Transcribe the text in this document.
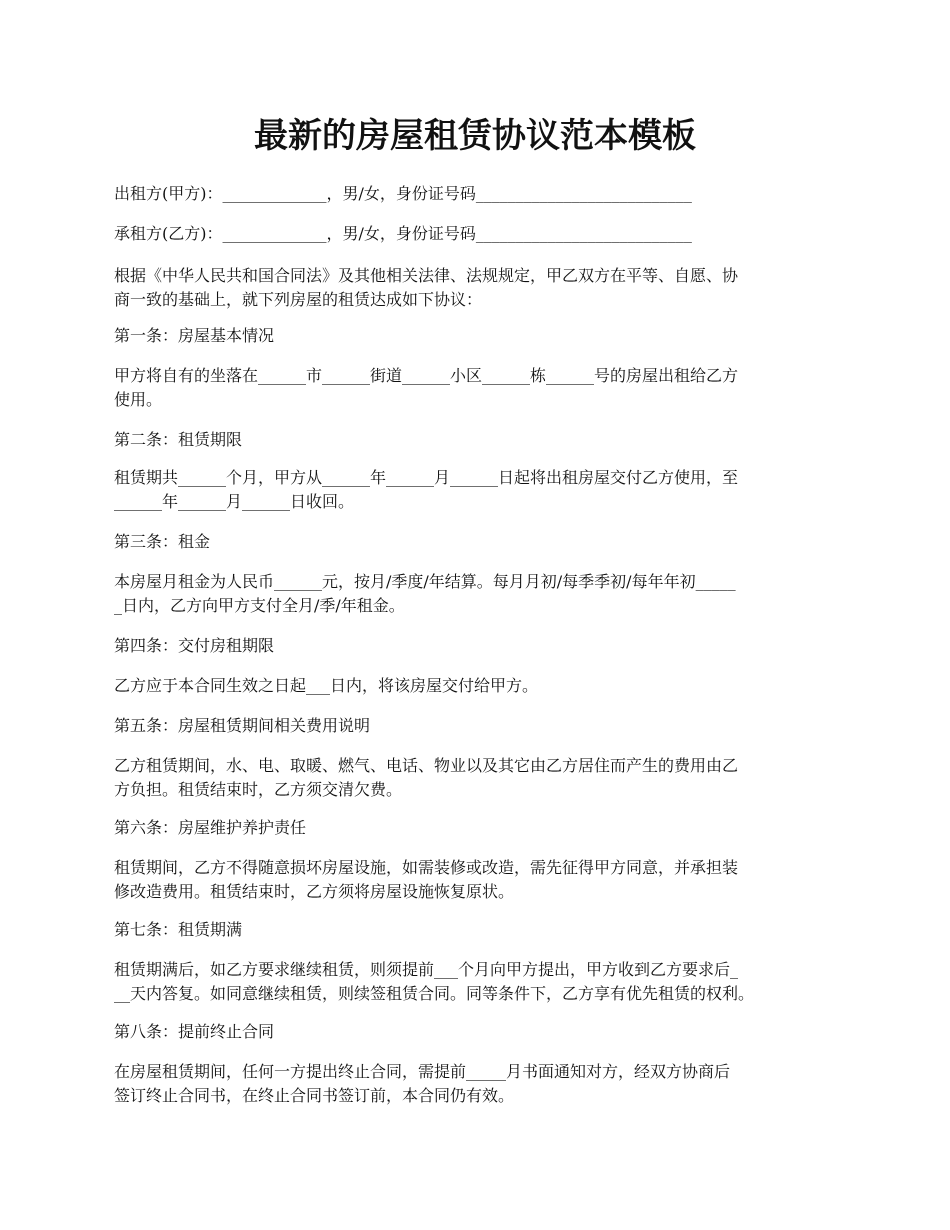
最新的房屋租赁协议范本模板
出租方(甲方)：_____________，男/女，身份证号码___________________________
承租方(乙方)：_____________，男/女，身份证号码___________________________
根据《中华人民共和国合同法》及其他相关法律、法规规定，甲乙双方在平等、自愿、协
商一致的基础上，就下列房屋的租赁达成如下协议：
第一条：房屋基本情况
甲方将自有的坐落在______市______街道______小区______栋______号的房屋出租给乙方
使用。
第二条：租赁期限
租赁期共______个月，甲方从______年______月______日起将出租房屋交付乙方使用，至
______年______月______日收回。
第三条：租金
本房屋月租金为人民币______元，按月/季度/年结算。每月月初/每季季初/每年年初_____
_日内，乙方向甲方支付全月/季/年租金。
第四条：交付房租期限
乙方应于本合同生效之日起___日内，将该房屋交付给甲方。
第五条：房屋租赁期间相关费用说明
乙方租赁期间，水、电、取暖、燃气、电话、物业以及其它由乙方居住而产生的费用由乙
方负担。租赁结束时，乙方须交清欠费。
第六条：房屋维护养护责任
租赁期间，乙方不得随意损坏房屋设施，如需装修或改造，需先征得甲方同意，并承担装
修改造费用。租赁结束时，乙方须将房屋设施恢复原状。
第七条：租赁期满
租赁期满后，如乙方要求继续租赁，则须提前___个月向甲方提出，甲方收到乙方要求后_
__天内答复。如同意继续租赁，则续签租赁合同。同等条件下，乙方享有优先租赁的权利。
第八条：提前终止合同
在房屋租赁期间，任何一方提出终止合同，需提前_____月书面通知对方，经双方协商后
签订终止合同书，在终止合同书签订前，本合同仍有效。
